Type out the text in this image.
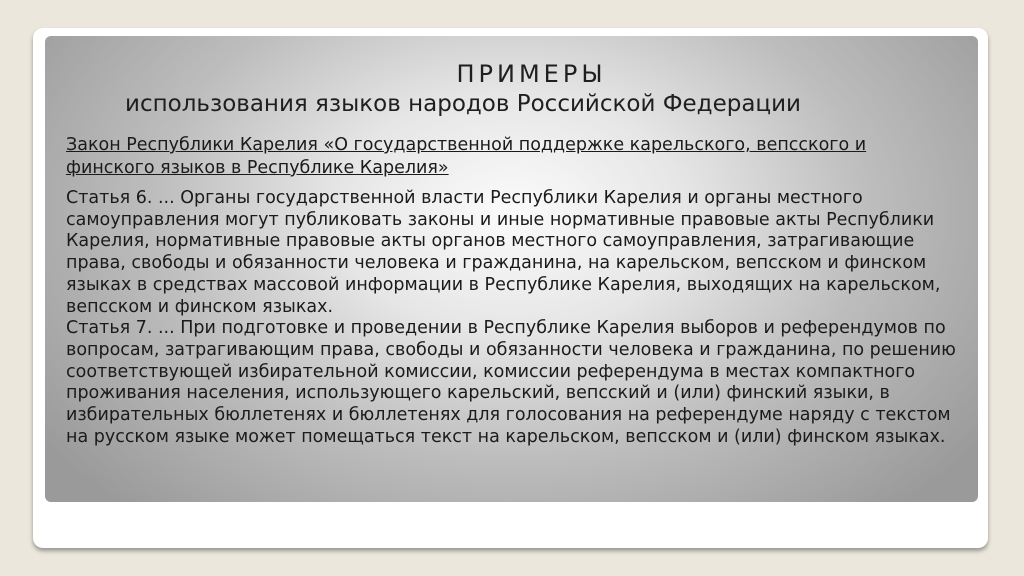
ПРИМЕРЫ
использования языков народов Российской Федерации
Закон Республики Карелия «О государственной поддержке карельского, вепсского и финского языков в Республике Карелия»

Статья 6. ... Органы государственной власти Республики Карелия и органы местного самоуправления могут публиковать законы и иные нормативные правовые акты Республики Карелия, нормативные правовые акты органов местного самоуправления, затрагивающие права, свободы и обязанности человека и гражданина, на карельском, вепсском и финском языках в средствах массовой информации в Республике Карелия, выходящих на карельском, вепсском и финском языках.

Статья 7. ... При подготовке и проведении в Республике Карелия выборов и референдумов по вопросам, затрагивающим права, свободы и обязанности человека и гражданина, по решению соответствующей избирательной комиссии, комиссии референдума в местах компактного проживания населения, использующего карельский, вепсский и (или) финский языки, в избирательных бюллетенях и бюллетенях для голосования на референдуме наряду с текстом на русском языке может помещаться текст на карельском, вепсском и (или) финском языках.
